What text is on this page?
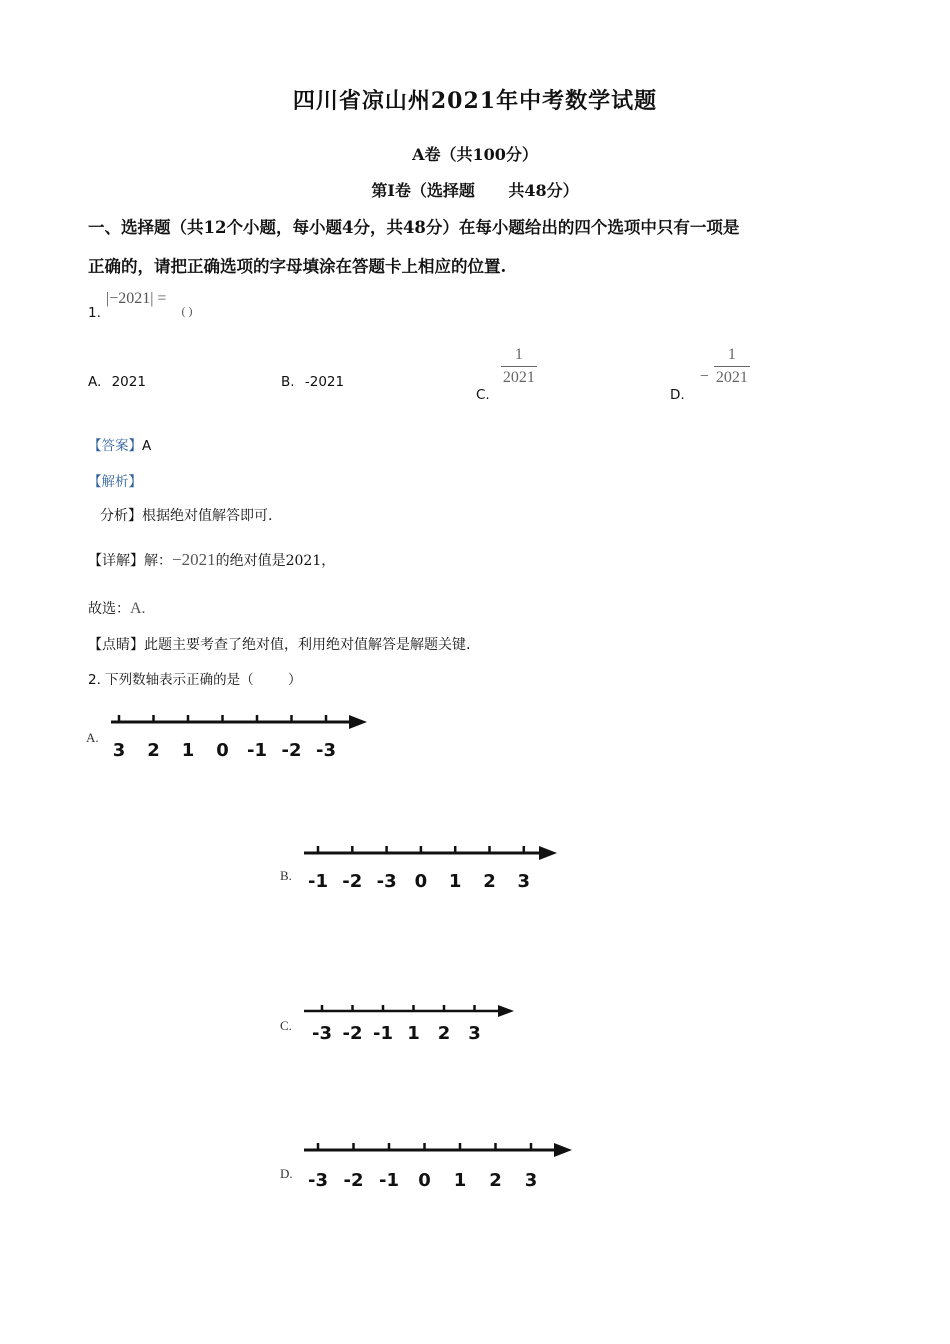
四川省凉山州2021年中考数学试题
A卷（共100分）
第I卷（选择题      共48分）
一、选择题（共12个小题，每小题4分，共48分）在每小题给出的四个选项中只有一项是
正确的，请把正确选项的字母填涂在答题卡上相应的位置.
$_{1.}$ |−2021| = $_{( )}$
A. 2021	B. -2021
$_{C.}$
$\frac{1}{2021}$
$_{D.} - \frac{1}{2021}$
【答案】A
【解析】
分析】根据绝对值解答即可.
【详解】解：−2021的绝对值是2021，
故选：A.
【点睛】此题主要考查了绝对值，利用绝对值解答是解题关键.
2. 下列数轴表示正确的是（        ）
A.
3 2 1 0 -1 -2 -3
B. -1 -2 -3 0 1 2 3
C. -3 -2 -1 1 2 3
D. -3 -2 -1 0 1 2 3
